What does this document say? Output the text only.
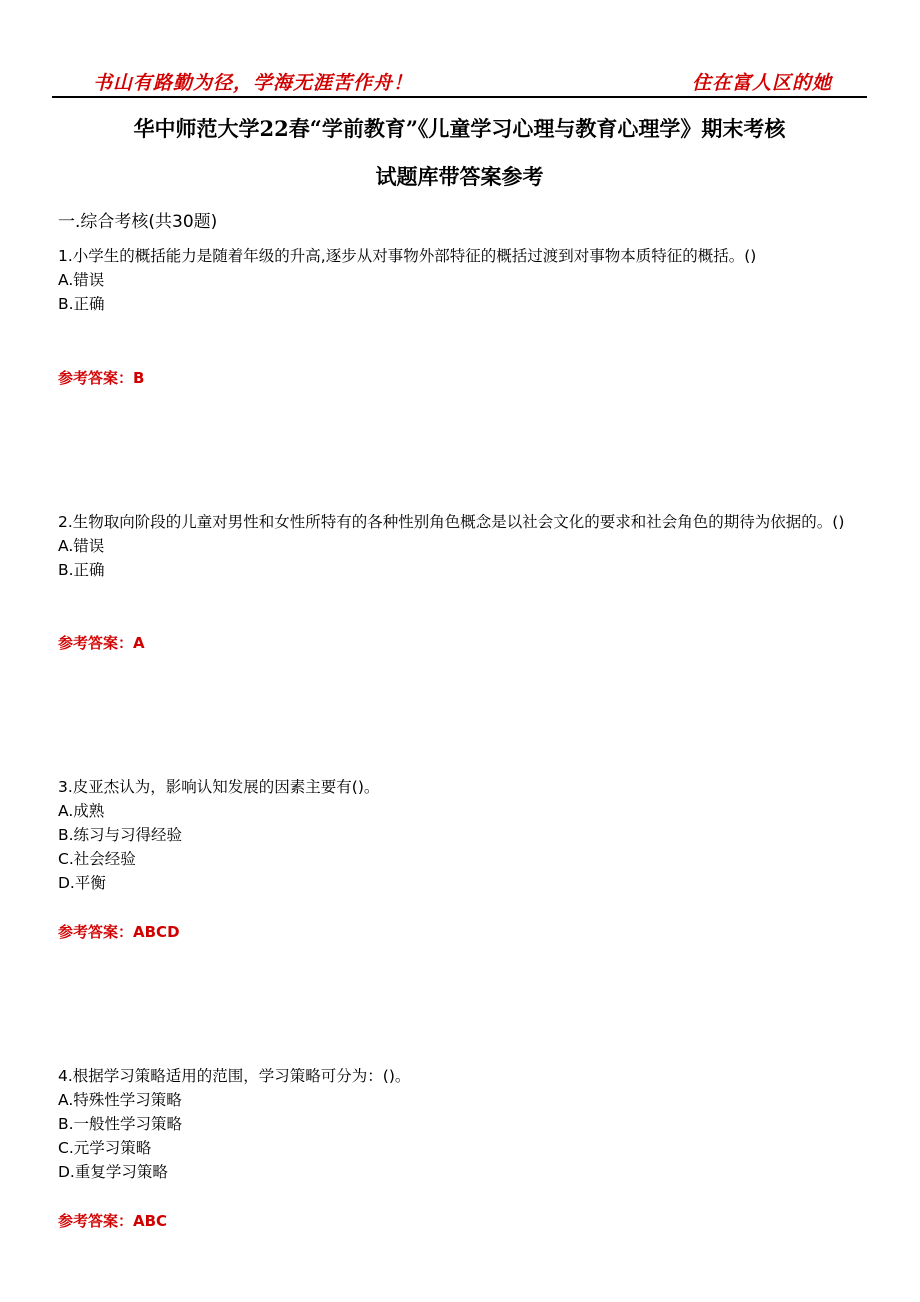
书山有路勤为径，学海无涯苦作舟！	住在富人区的她
华中师范大学22春“学前教育”《儿童学习心理与教育心理学》期末考核
试题库带答案参考
一.综合考核(共30题)
1.小学生的概括能力是随着年级的升高,逐步从对事物外部特征的概括过渡到对事物本质特征的概括。()
A.错误
B.正确
参考答案：B
2.生物取向阶段的儿童对男性和女性所特有的各种性别角色概念是以社会文化的要求和社会角色的期待为依据的。()
A.错误
B.正确
参考答案：A
3.皮亚杰认为，影响认知发展的因素主要有()。
A.成熟
B.练习与习得经验
C.社会经验
D.平衡
参考答案：ABCD
4.根据学习策略适用的范围，学习策略可分为：()。
A.特殊性学习策略
B.一般性学习策略
C.元学习策略
D.重复学习策略
参考答案：ABC
